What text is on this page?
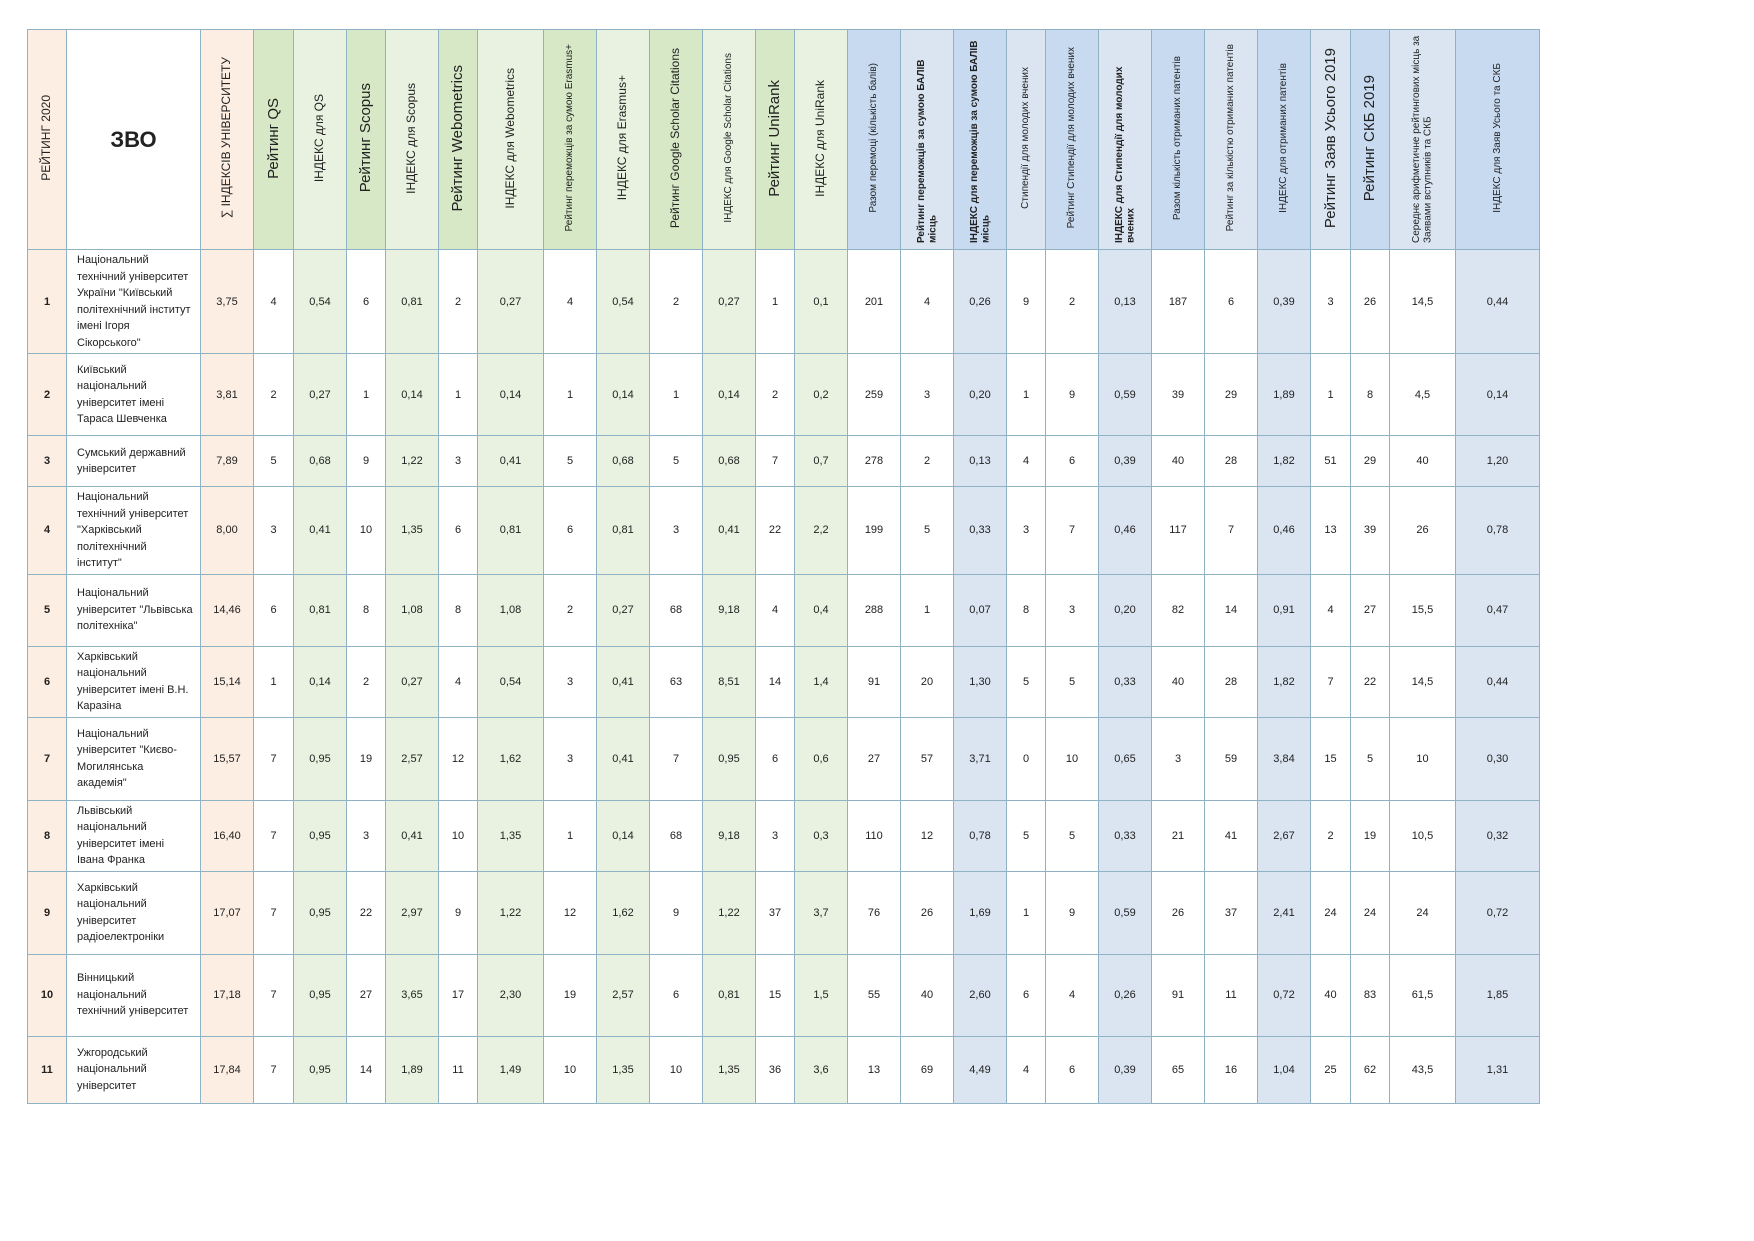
РЕЙТИНГ 2020	ЗВО	∑ ІНДЕКСІВ УНІВЕРСИТЕТУ	Рейтинг QS	ІНДЕКС для QS	Рейтинг Scopus	ІНДЕКС для Scopus	Рейтинг Webometrics	ІНДЕКС для Webometrics	Рейтинг переможців за сумою Erasmus+	ІНДЕКС для Erasmus+	Рейтинг Google Scholar Citations	ІНДЕКС для Google Scholar Citations	Рейтинг UniRank	ІНДЕКС для UniRank	Разом перемоці (кількість балів)	Рейтинг переможців за сумою БАЛІВ місць	ІНДЕКС для переможців за сумою БАЛІВ місць	Стипендії для молодих вчених	Рейтинг Стипендії для молодих вчених	ІНДЕКС для Стипендії для молодих вчених	Разом кількість отриманих патентів	Рейтинг за кількістю отриманих патентів	ІНДЕКС для отриманих патентів	Рейтинг Заяв Усього 2019	Рейтинг СКБ 2019	Середнє арифметичне рейтингових місць за Заявами вступників та СКБ	ІНДЕКС для Заяв Усього та СКБ
1	Національний технічний університет України "Київський політехнічний інститут імені Ігоря Сікорського"	3,75	4	0,54	6	0,81	2	0,27	4	0,54	2	0,27	1	0,1	201	4	0,26	9	2	0,13	187	6	0,39	3	26	14,5	0,44
2	Київський національний університет імені Тараса Шевченка	3,81	2	0,27	1	0,14	1	0,14	1	0,14	1	0,14	2	0,2	259	3	0,20	1	9	0,59	39	29	1,89	1	8	4,5	0,14
3	Сумський державний університет	7,89	5	0,68	9	1,22	3	0,41	5	0,68	5	0,68	7	0,7	278	2	0,13	4	6	0,39	40	28	1,82	51	29	40	1,20
4	Національний технічний університет "Харківський політехнічний інститут"	8,00	3	0,41	10	1,35	6	0,81	6	0,81	3	0,41	22	2,2	199	5	0,33	3	7	0,46	117	7	0,46	13	39	26	0,78
5	Національний університет "Львівська політехніка"	14,46	6	0,81	8	1,08	8	1,08	2	0,27	68	9,18	4	0,4	288	1	0,07	8	3	0,20	82	14	0,91	4	27	15,5	0,47
6	Харківський національний університет імені В.Н. Каразіна	15,14	1	0,14	2	0,27	4	0,54	3	0,41	63	8,51	14	1,4	91	20	1,30	5	5	0,33	40	28	1,82	7	22	14,5	0,44
7	Національний університет "Києво-Могилянська академія"	15,57	7	0,95	19	2,57	12	1,62	3	0,41	7	0,95	6	0,6	27	57	3,71	0	10	0,65	3	59	3,84	15	5	10	0,30
8	Львівський національний університет імені Івана Франка	16,40	7	0,95	3	0,41	10	1,35	1	0,14	68	9,18	3	0,3	110	12	0,78	5	5	0,33	21	41	2,67	2	19	10,5	0,32
9	Харківський національний університет радіоелектроніки	17,07	7	0,95	22	2,97	9	1,22	12	1,62	9	1,22	37	3,7	76	26	1,69	1	9	0,59	26	37	2,41	24	24	24	0,72
10	Вінницький національний технічний університет	17,18	7	0,95	27	3,65	17	2,30	19	2,57	6	0,81	15	1,5	55	40	2,60	6	4	0,26	91	11	0,72	40	83	61,5	1,85
11	Ужгородський національний університет	17,84	7	0,95	14	1,89	11	1,49	10	1,35	10	1,35	36	3,6	13	69	4,49	4	6	0,39	65	16	1,04	25	62	43,5	1,31
